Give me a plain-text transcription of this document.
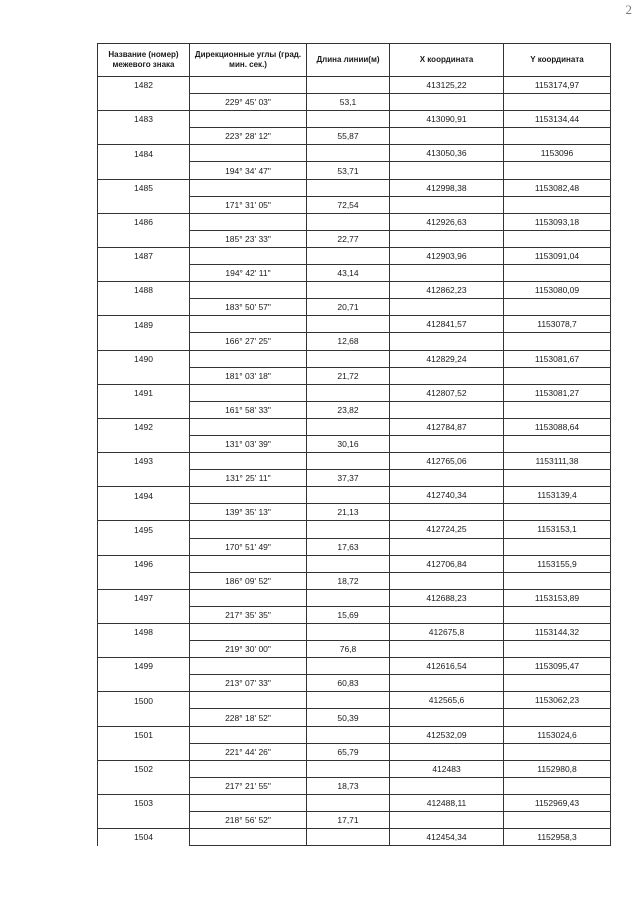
2
Название (номер) межевого знака	Дирекционные углы (град. мин. сек.)	Длина линии(м)	X координата	Y координата
1482			413125,22	1153174,97
	229° 45' 03"	53,1		
1483			413090,91	1153134,44
	223° 28' 12"	55,87		
1484			413050,36	1153096
	194° 34' 47"	53,71		
1485			412998,38	1153082,48
	171° 31' 05"	72,54		
1486			412926,63	1153093,18
	185° 23' 33"	22,77		
1487			412903,96	1153091,04
	194° 42' 11"	43,14		
1488			412862,23	1153080,09
	183° 50' 57"	20,71		
1489			412841,57	1153078,7
	166° 27' 25"	12,68		
1490			412829,24	1153081,67
	181° 03' 18"	21,72		
1491			412807,52	1153081,27
	161° 58' 33"	23,82		
1492			412784,87	1153088,64
	131° 03' 39"	30,16		
1493			412765,06	1153111,38
	131° 25' 11"	37,37		
1494			412740,34	1153139,4
	139° 35' 13"	21,13		
1495			412724,25	1153153,1
	170° 51' 49"	17,63		
1496			412706,84	1153155,9
	186° 09' 52"	18,72		
1497			412688,23	1153153,89
	217° 35' 35"	15,69		
1498			412675,8	1153144,32
	219° 30' 00"	76,8		
1499			412616,54	1153095,47
	213° 07' 33"	60,83		
1500			412565,6	1153062,23
	228° 18' 52"	50,39		
1501			412532,09	1153024,6
	221° 44' 26"	65,79		
1502			412483	1152980,8
	217° 21' 55"	18,73		
1503			412488,11	1152969,43
	218° 56' 52"	17,71		
1504			412454,34	1152958,3
